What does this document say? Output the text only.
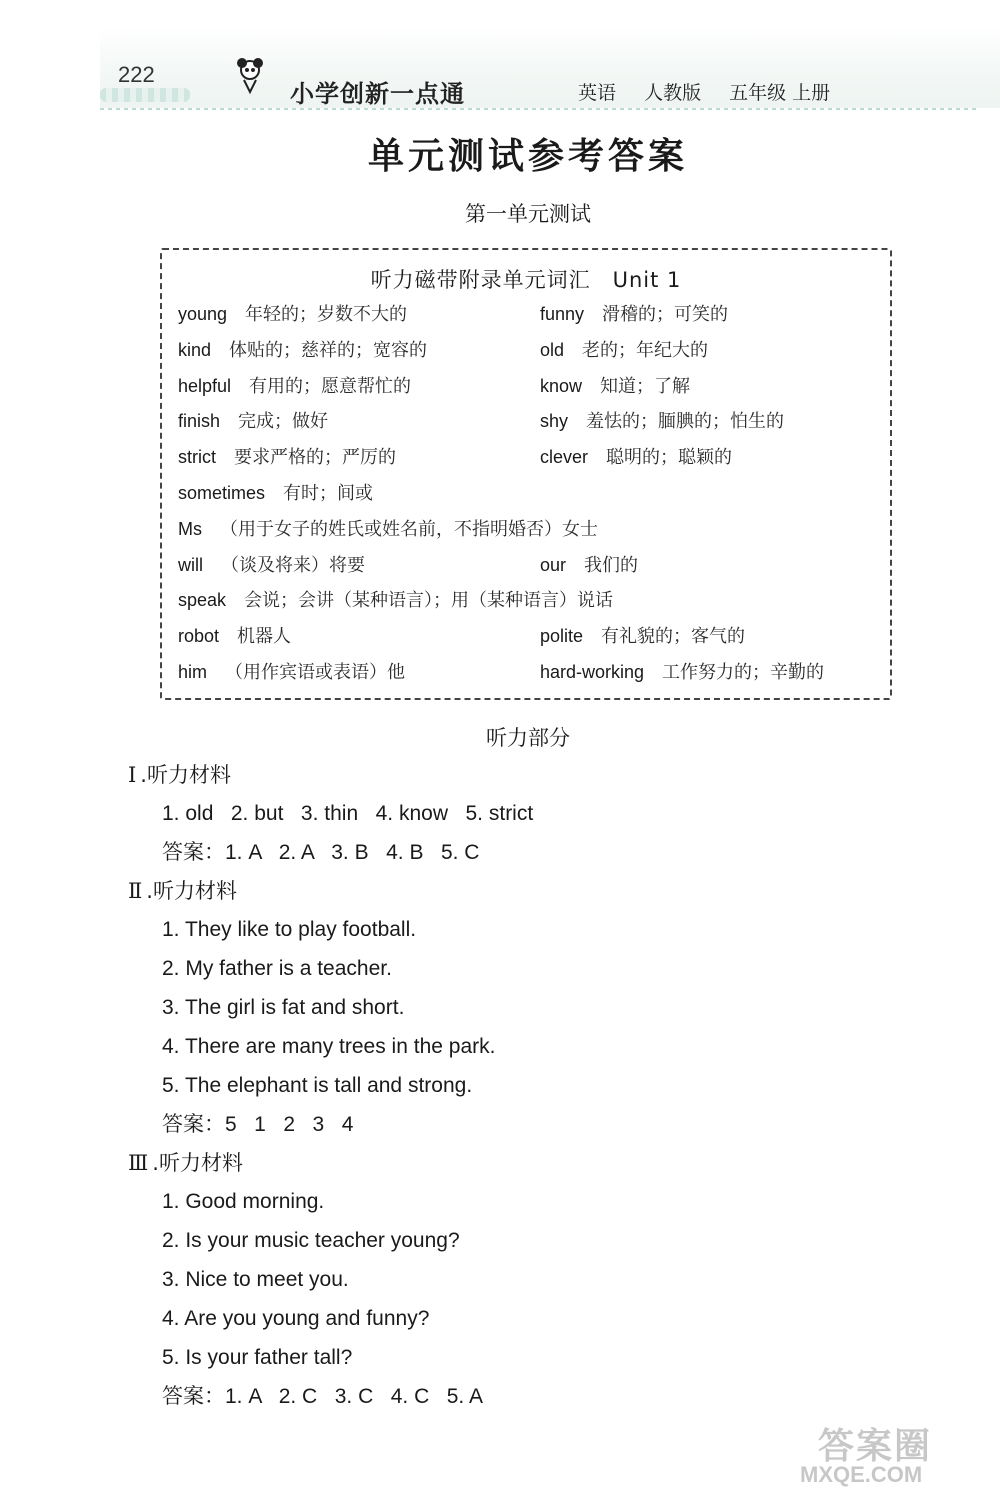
222
小学创新一点通	英语 人教版 五年级 上册
单元测试参考答案
第一单元测试
听力磁带附录单元词汇　Unit 1
young 年轻的；岁数不大的	funny 滑稽的；可笑的
kind 体贴的；慈祥的；宽容的	old 老的；年纪大的
helpful 有用的；愿意帮忙的	know 知道；了解
finish 完成；做好	shy 羞怯的；腼腆的；怕生的
strict 要求严格的；严厉的	clever 聪明的；聪颖的
sometimes 有时；间或
Ms （用于女子的姓氏或姓名前，不指明婚否）女士
will （谈及将来）将要	our 我们的
speak 会说；会讲（某种语言）；用（某种语言）说话
robot 机器人	polite 有礼貌的；客气的
him （用作宾语或表语）他	hard-working 工作努力的；辛勤的
听力部分
Ⅰ .听力材料
1. old   2. but   3. thin   4. know   5. strict
答案：1. A   2. A   3. B   4. B   5. C
Ⅱ .听力材料
1. They like to play football.
2. My father is a teacher.
3. The girl is fat and short.
4. There are many trees in the park.
5. The elephant is tall and strong.
答案：5   1   2   3   4
Ⅲ .听力材料
1. Good morning.
2. Is your music teacher young?
3. Nice to meet you.
4. Are you young and funny?
5. Is your father tall?
答案：1. A   2. C   3. C   4. C   5. A
答案圈
MXQE.COM
